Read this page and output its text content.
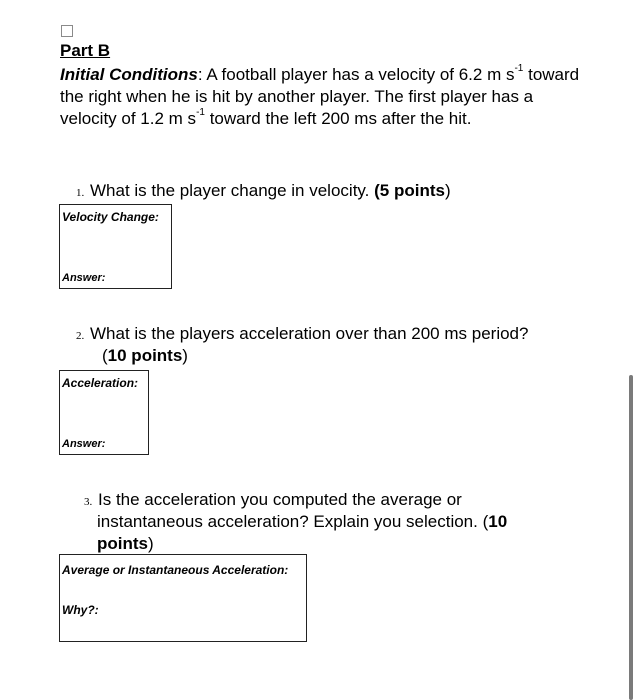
Part B
Initial Conditions: A football player has a velocity of 6.2 m $s^{-1}$ toward the right when he is hit by another player. The first player has a velocity of 1.2 m $s^{-1}$ toward the left 200 ms after the hit.
1. What is the player change in velocity. (5 points)
Velocity Change:
Answer:
2. What is the players acceleration over than 200 ms period?
(10 points)
Acceleration:
Answer:
3. Is the acceleration you computed the average or
instantaneous acceleration? Explain you selection. (10
points)
Average or Instantaneous Acceleration:
Why?:
